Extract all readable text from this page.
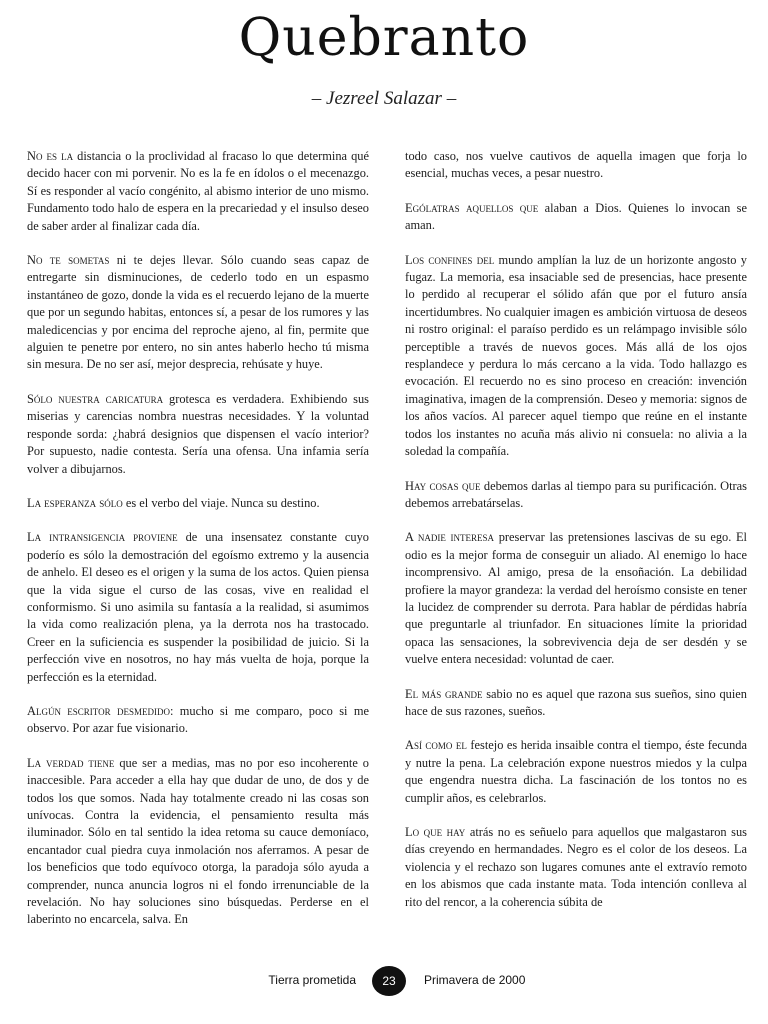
Quebranto
– Jezreel Salazar –

No es la distancia o la proclividad al fracaso lo que determina qué decido hacer con mi porvenir. No es la fe en ídolos o el mecenazgo. Sí es responder al vacío congénito, al abismo interior de uno mismo. Fundamento todo halo de espera en la precariedad y el insulso deseo de saber arder al finalizar cada día.

No te sometas ni te dejes llevar. Sólo cuando seas capaz de entregarte sin disminuciones, de cederlo todo en un espasmo instantáneo de gozo, donde la vida es el recuerdo lejano de la muerte que por un segundo habitas, entonces sí, a pesar de los rumores y las maledicencias y por encima del reproche ajeno, al fin, permite que alguien te penetre por entero, no sin antes haberlo hecho tú misma sin mesura. De no ser así, mejor desprecia, rehúsate y huye.

Sólo nuestra caricatura grotesca es verdadera. Exhibiendo sus miserias y carencias nombra nuestras necesidades. Y la voluntad responde sorda: ¿habrá designios que dispensen el vacío interior? Por supuesto, nadie contesta. Sería una ofensa. Una infamia sería volver a dibujarnos.

La esperanza sólo es el verbo del viaje. Nunca su destino.

La intransigencia proviene de una insensatez constante cuyo poderío es sólo la demostración del egoísmo extremo y la ausencia de anhelo. El deseo es el origen y la suma de los actos. Quien piensa que la vida sigue el curso de las cosas, vive en realidad el conformismo. Si uno asimila su fantasía a la realidad, si asumimos la vida como realización plena, ya la derrota nos ha trastocado. Creer en la suficiencia es suspender la posibilidad de juicio. Si la perfección vive en nosotros, no hay más vuelta de hoja, porque la perfección es la eternidad.

Algún escritor desmedido: mucho si me comparo, poco si me observo. Por azar fue visionario.

La verdad tiene que ser a medias, mas no por eso incoherente o inaccesible. Para acceder a ella hay que dudar de uno, de dos y de todos los que somos. Nada hay totalmente creado ni las cosas son unívocas. Contra la evidencia, el pensamiento resulta más iluminador. Sólo en tal sentido la idea retoma su cauce demoníaco, encantador cual piedra cuya inmolación nos aferramos. A pesar de los beneficios que todo equívoco otorga, la paradoja sólo ayuda a comprender, nunca anuncia logros ni el fondo irrenunciable de la revelación. No hay soluciones sino búsquedas. Perderse en el laberinto no encarcela, salva. En

todo caso, nos vuelve cautivos de aquella imagen que forja lo esencial, muchas veces, a pesar nuestro.

Ególatras aquellos que alaban a Dios. Quienes lo invocan se aman.

Los confines del mundo amplían la luz de un horizonte angosto y fugaz. La memoria, esa insaciable sed de presencias, hace presente lo perdido al recuperar el sólido afán que por el futuro ansía incertidumbres. No cualquier imagen es ambición virtuosa de deseos ni rostro original: el paraíso perdido es un relámpago invisible sólo perceptible a través de nuevos goces. Más allá de los ojos resplandece y perdura lo más cercano a la vida. Todo hallazgo es evocación. El recuerdo no es sino proceso en creación: invención imaginativa, imagen de la comprensión. Deseo y memoria: signos de los años vacíos. Al parecer aquel tiempo que reúne en el instante todos los instantes no acuña más alivio ni consuela: no alivia a la soledad la compañía.

Hay cosas que debemos darlas al tiempo para su purificación. Otras debemos arrebatárselas.

A nadie interesa preservar las pretensiones lascivas de su ego. El odio es la mejor forma de conseguir un aliado. Al enemigo lo hace incomprensivo. Al amigo, presa de la ensoñación. La debilidad profiere la mayor grandeza: la verdad del heroísmo consiste en tener la lucidez de comprender su derrota. Para hablar de pérdidas habría que preguntarle al triunfador. En situaciones límite la prioridad opaca las sensaciones, la sobrevivencia deja de ser desdén y se vuelve entera necesidad: voluntad de caer.

El más grande sabio no es aquel que razona sus sueños, sino quien hace de sus razones, sueños.

Así como el festejo es herida insaible contra el tiempo, éste fecunda y nutre la pena. La celebración expone nuestros miedos y la culpa que engendra nuestra dicha. La fascinación de los tontos no es cumplir años, es celebrarlos.

Lo que hay atrás no es señuelo para aquellos que malgastaron sus días creyendo en hermandades. Negro es el color de los deseos. La violencia y el rechazo son lugares comunes ante el extravío remoto en los abismos que cada instante mata. Toda intención conlleva al rito del rencor, a la coherencia súbita de

Tierra prometida	23	Primavera de 2000
